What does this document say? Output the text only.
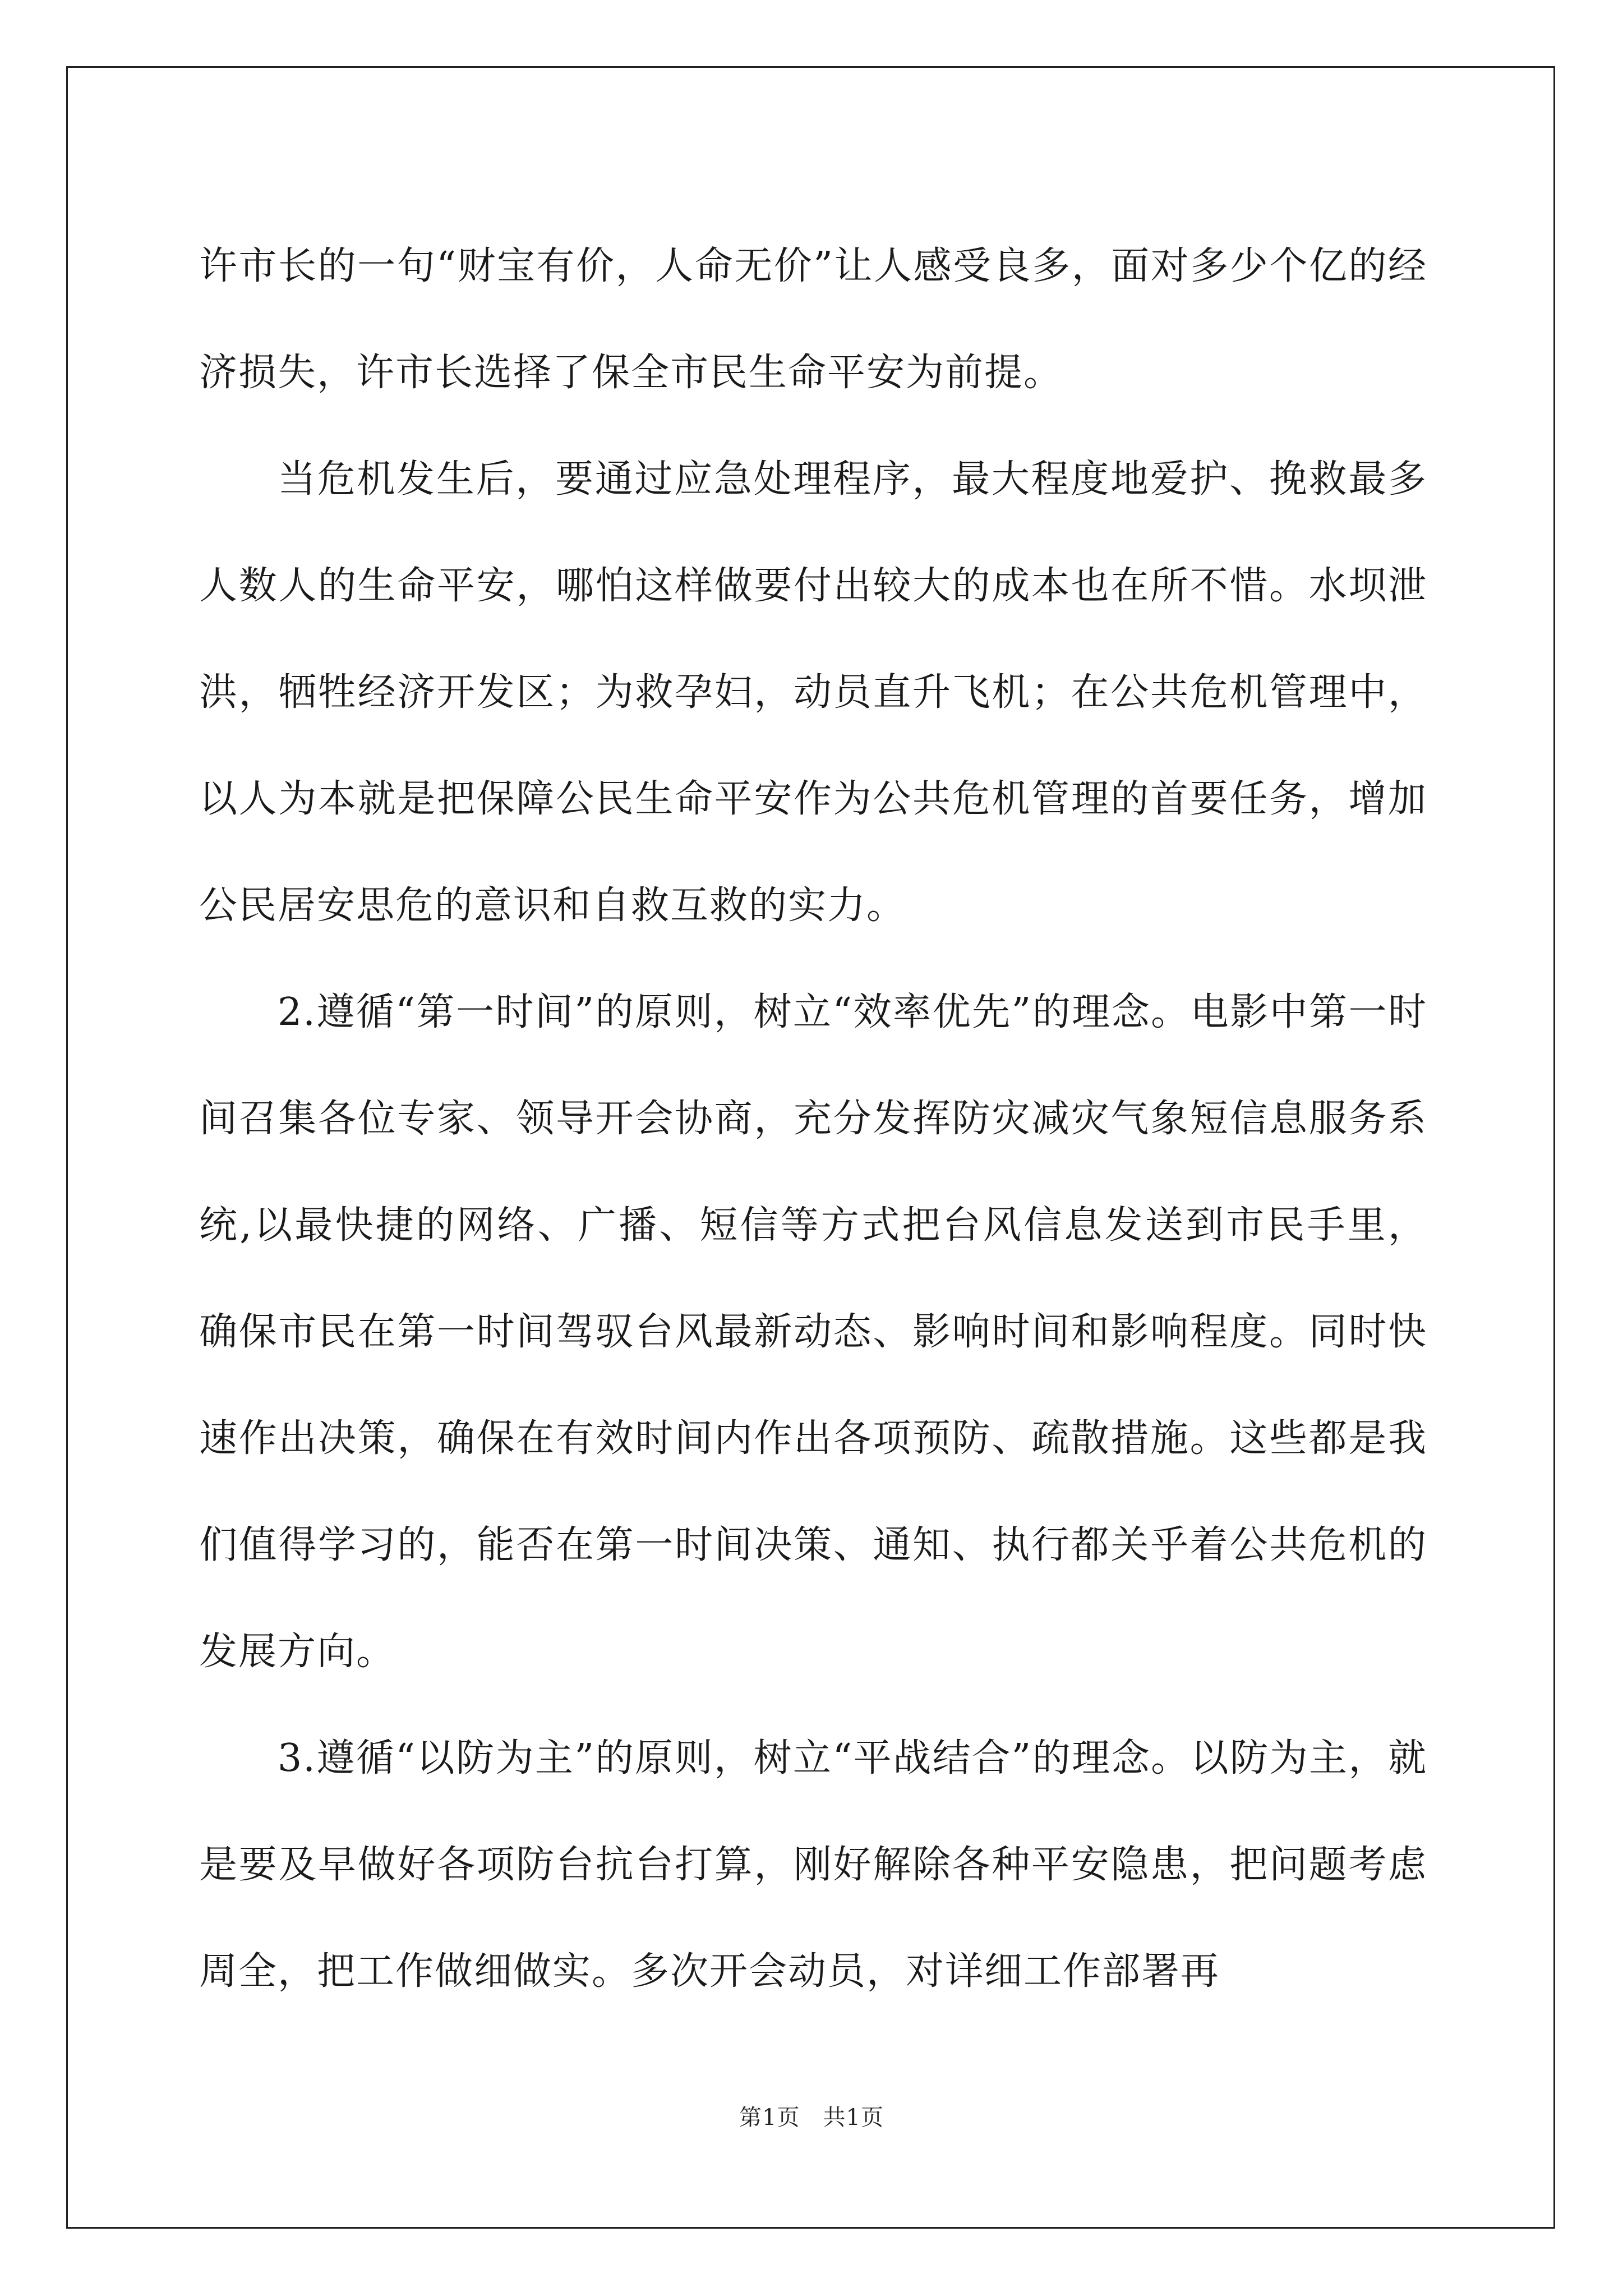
许市长的一句“财宝有价，人命无价”让人感受良多，面对多少个亿的经济损失，许市长选择了保全市民生命平安为前提。

当危机发生后，要通过应急处理程序，最大程度地爱护、挽救最多人数人的生命平安，哪怕这样做要付出较大的成本也在所不惜。水坝泄洪，牺牲经济开发区；为救孕妇，动员直升飞机；在公共危机管理中，以人为本就是把保障公民生命平安作为公共危机管理的首要任务，增加公民居安思危的意识和自救互救的实力。

2.遵循“第一时间”的原则，树立“效率优先”的理念。电影中第一时间召集各位专家、领导开会协商，充分发挥防灾减灾气象短信息服务系统,以最快捷的网络、广播、短信等方式把台风信息发送到市民手里，确保市民在第一时间驾驭台风最新动态、影响时间和影响程度。同时快速作出决策，确保在有效时间内作出各项预防、疏散措施。这些都是我们值得学习的，能否在第一时间决策、通知、执行都关乎着公共危机的发展方向。

3.遵循“以防为主”的原则，树立“平战结合”的理念。以防为主，就是要及早做好各项防台抗台打算，刚好解除各种平安隐患，把问题考虑周全，把工作做细做实。多次开会动员，对详细工作部署再

第1页　共1页
